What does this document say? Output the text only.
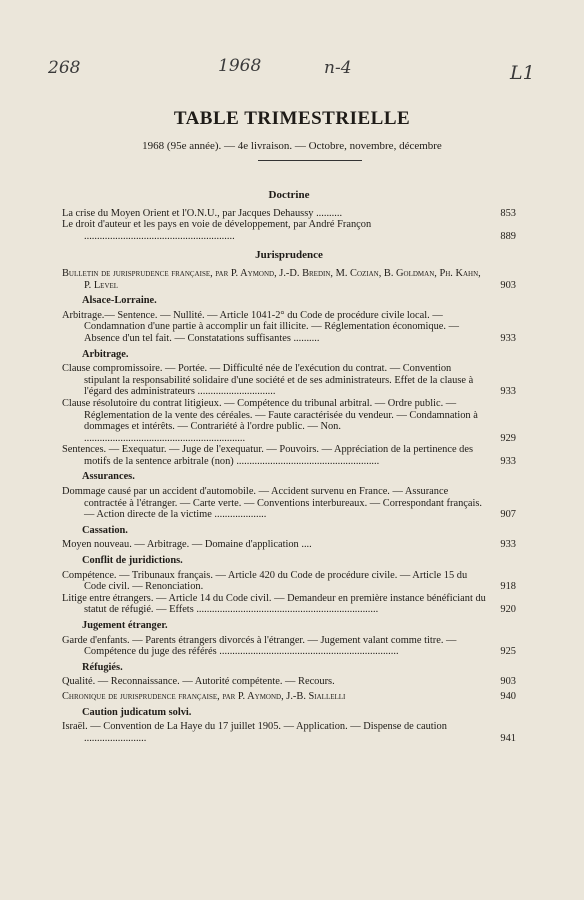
268	1968	n-4	L1
TABLE TRIMESTRIELLE
1968 (95e année). — 4e livraison. — Octobre, novembre, décembre
Doctrine
La crise du Moyen Orient et l'O.N.U., par Jacques Dehaussy ..........	853
Le droit d'auteur et les pays en voie de développement, par André Françon ..........................................................	889
Jurisprudence
Bulletin de jurisprudence française, par P. Aymond, J.-D. Bredin, M. Cozian, B. Goldman, Ph. Kahn, P. Level	903
Alsace-Lorraine.
Arbitrage.— Sentence. — Nullité. — Article 1041-2° du Code de procédure civile local. — Condamnation d'une partie à accomplir un fait illicite. — Réglementation économique. — Absence d'un tel fait. — Constatations suffisantes ..........	933
Arbitrage.
Clause compromissoire. — Portée. — Difficulté née de l'exécution du contrat. — Convention stipulant la responsabilité solidaire d'une société et de ses administrateurs. Effet de la clause à l'égard des administrateurs ..............................	933
Clause résolutoire du contrat litigieux. — Compétence du tribunal arbitral. — Ordre public. — Réglementation de la vente des céréales. — Faute caractérisée du vendeur. — Condamnation à dommages et intérêts. — Contrariété à l'ordre public. — Non. ..............................................................	929
Sentences. — Exequatur. — Juge de l'exequatur. — Pouvoirs. — Appréciation de la pertinence des motifs de la sentence arbitrale (non) .......................................................	933
Assurances.
Dommage causé par un accident d'automobile. — Accident survenu en France. — Assurance contractée à l'étranger. — Carte verte. — Conventions interbureaux. — Correspondant français. — Action directe de la victime ....................	907
Cassation.
Moyen nouveau. — Arbitrage. — Domaine d'application ....	933
Conflit de juridictions.
Compétence. — Tribunaux français. — Article 420 du Code de procédure civile. — Article 15 du Code civil. — Renonciation.	918
Litige entre étrangers. — Article 14 du Code civil. — Demandeur en première instance bénéficiant du statut de réfugié. — Effets ......................................................................	920
Jugement étranger.
Garde d'enfants. — Parents étrangers divorcés à l'étranger. — Jugement valant comme titre. — Compétence du juge des référés .....................................................................	925
Réfugiés.
Qualité. — Reconnaissance. — Autorité compétente. — Recours.	903
Chronique de jurisprudence française, par P. Aymond, J.-B. Siallelli	940
Caution judicatum solvi.
Israël. — Convention de La Haye du 17 juillet 1905. — Application. — Dispense de caution ........................	941
